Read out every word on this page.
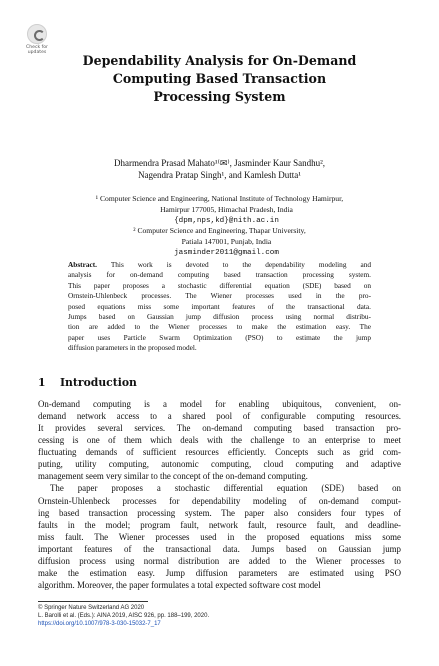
Check for
updates
Dependability Analysis for On-Demand
Computing Based Transaction
Processing System
Dharmendra Prasad Mahato¹⁽✉⁾, Jasminder Kaur Sandhu²,
Nagendra Pratap Singh¹, and Kamlesh Dutta¹
¹ Computer Science and Engineering, National Institute of Technology Hamirpur,
Hamirpur 177005, Himachal Pradesh, India
{dpm,nps,kd}@nith.ac.in
² Computer Science and Engineering, Thapar University,
Patiala 147001, Punjab, India
jasminder2011@gmail.com
Abstract. This work is devoted to the dependability modeling and
analysis for on-demand computing based transaction processing system.
This paper proposes a stochastic differential equation (SDE) based on
Ornstein-Uhlenbeck processes. The Wiener processes used in the pro-
posed equations miss some important features of the transactional data.
Jumps based on Gaussian jump diffusion process using normal distribu-
tion are added to the Wiener processes to make the estimation easy. The
paper uses Particle Swarm Optimization (PSO) to estimate the jump
diffusion parameters in the proposed model.
1 Introduction
On-demand computing is a model for enabling ubiquitous, convenient, on-
demand network access to a shared pool of configurable computing resources.
It provides several services. The on-demand computing based transaction pro-
cessing is one of them which deals with the challenge to an enterprise to meet
fluctuating demands of sufficient resources efficiently. Concepts such as grid com-
puting, utility computing, autonomic computing, cloud computing and adaptive
management seem very similar to the concept of the on-demand computing.
The paper proposes a stochastic differential equation (SDE) based on
Ornstein-Uhlenbeck processes for dependability modeling of on-demand comput-
ing based transaction processing system. The paper also considers four types of
faults in the model; program fault, network fault, resource fault, and deadline-
miss fault. The Wiener processes used in the proposed equations miss some
important features of the transactional data. Jumps based on Gaussian jump
diffusion process using normal distribution are added to the Wiener processes to
make the estimation easy. Jump diffusion parameters are estimated using PSO
algorithm. Moreover, the paper formulates a total expected software cost model
© Springer Nature Switzerland AG 2020
L. Barolli et al. (Eds.): AINA 2019, AISC 926, pp. 188–199, 2020.
https://doi.org/10.1007/978-3-030-15032-7_17
